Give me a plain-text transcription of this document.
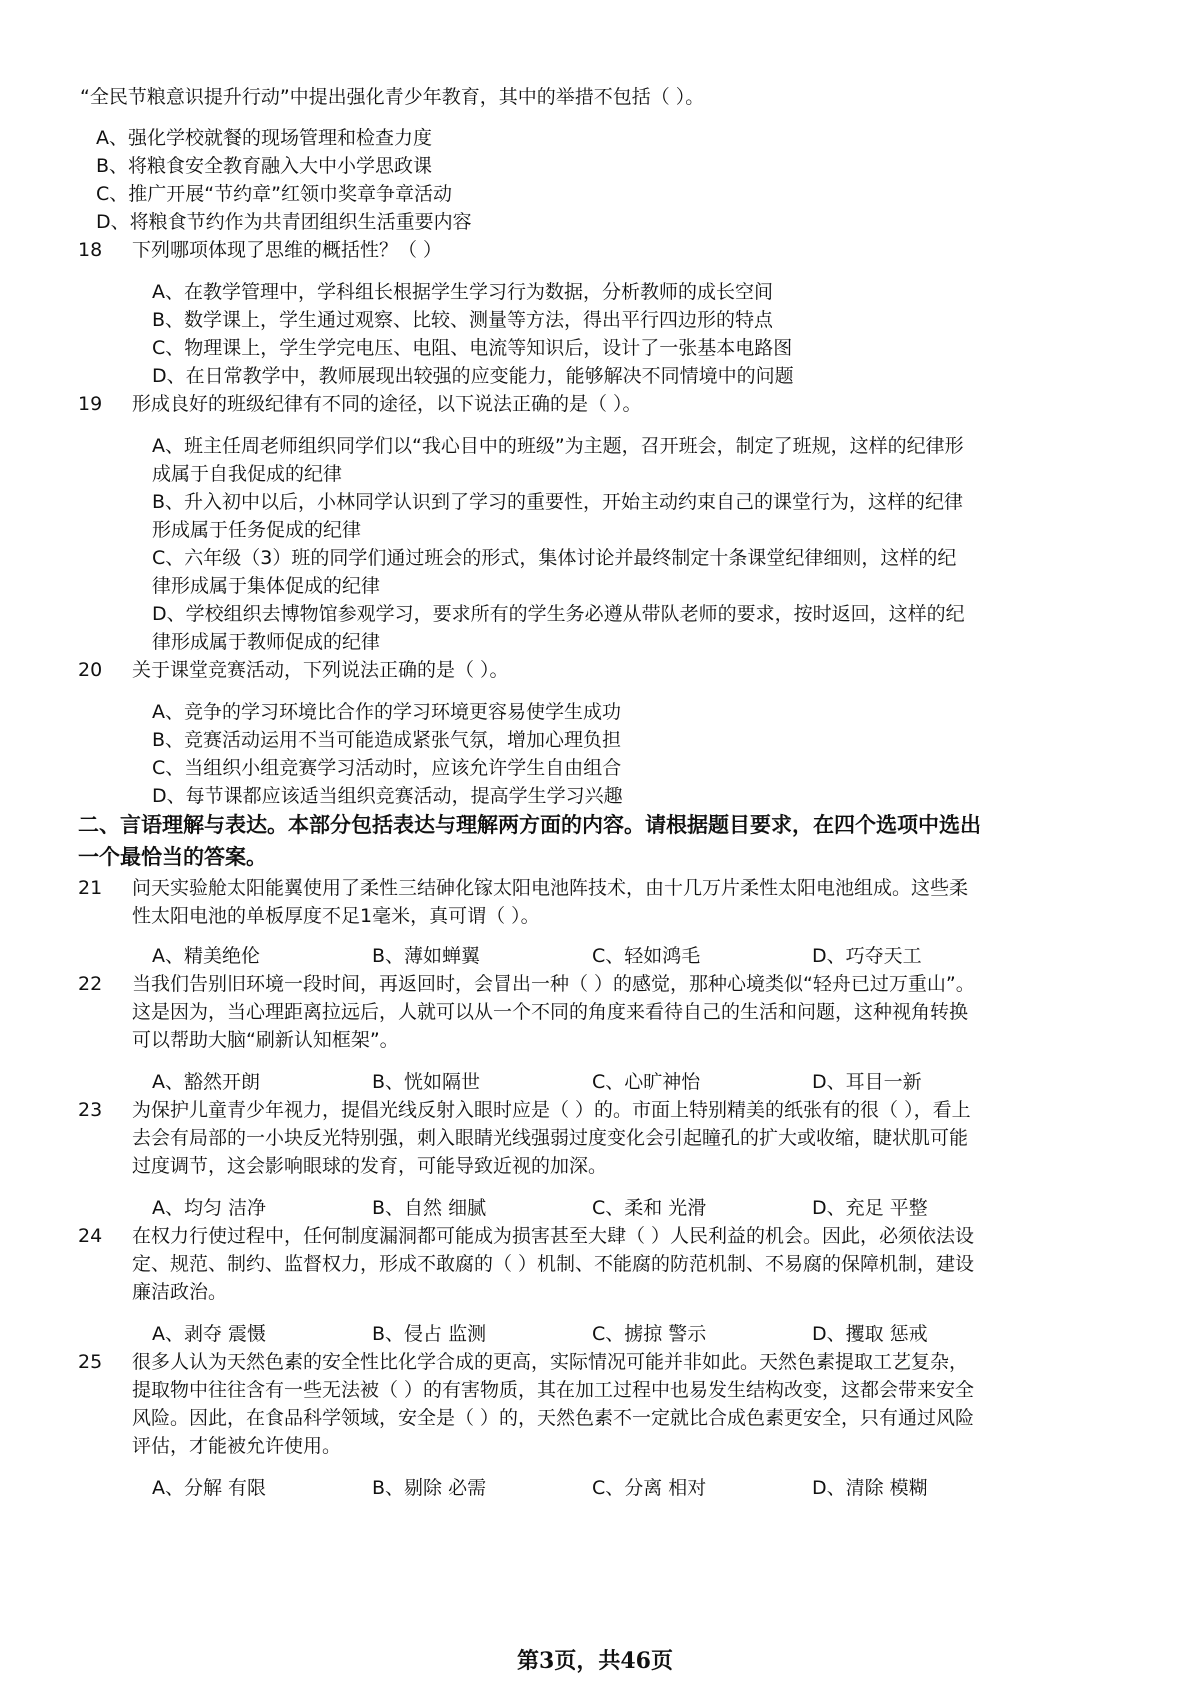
“全民节粮意识提升行动”中提出强化青少年教育，其中的举措不包括（ ）。
A、强化学校就餐的现场管理和检查力度
B、将粮食安全教育融入大中小学思政课
C、推广开展“节约章”红领巾奖章争章活动
D、将粮食节约作为共青团组织生活重要内容
18 下列哪项体现了思维的概括性？（ ）
A、在教学管理中，学科组长根据学生学习行为数据，分析教师的成长空间
B、数学课上，学生通过观察、比较、测量等方法，得出平行四边形的特点
C、物理课上，学生学完电压、电阻、电流等知识后，设计了一张基本电路图
D、在日常教学中，教师展现出较强的应变能力，能够解决不同情境中的问题
19 形成良好的班级纪律有不同的途径，以下说法正确的是（ ）。
A、班主任周老师组织同学们以“我心目中的班级”为主题，召开班会，制定了班规，这样的纪律形
成属于自我促成的纪律
B、升入初中以后，小林同学认识到了学习的重要性，开始主动约束自己的课堂行为，这样的纪律
形成属于任务促成的纪律
C、六年级（3）班的同学们通过班会的形式，集体讨论并最终制定十条课堂纪律细则，这样的纪
律形成属于集体促成的纪律
D、学校组织去博物馆参观学习，要求所有的学生务必遵从带队老师的要求，按时返回，这样的纪
律形成属于教师促成的纪律
20 关于课堂竞赛活动，下列说法正确的是（ ）。
A、竞争的学习环境比合作的学习环境更容易使学生成功
B、竞赛活动运用不当可能造成紧张气氛，增加心理负担
C、当组织小组竞赛学习活动时，应该允许学生自由组合
D、每节课都应该适当组织竞赛活动，提高学生学习兴趣
二、言语理解与表达。本部分包括表达与理解两方面的内容。请根据题目要求，在四个选项中选出
一个最恰当的答案。
21 问天实验舱太阳能翼使用了柔性三结砷化镓太阳电池阵技术，由十几万片柔性太阳电池组成。这些柔
性太阳电池的单板厚度不足1毫米，真可谓（ ）。
A、精美绝伦	B、薄如蝉翼	C、轻如鸿毛	D、巧夺天工
22 当我们告别旧环境一段时间，再返回时，会冒出一种（ ）的感觉，那种心境类似“轻舟已过万重山”。
这是因为，当心理距离拉远后，人就可以从一个不同的角度来看待自己的生活和问题，这种视角转换
可以帮助大脑“刷新认知框架”。
A、豁然开朗	B、恍如隔世	C、心旷神怡	D、耳目一新
23 为保护儿童青少年视力，提倡光线反射入眼时应是（ ）的。市面上特别精美的纸张有的很（ ），看上
去会有局部的一小块反光特别强，刺入眼睛光线强弱过度变化会引起瞳孔的扩大或收缩，睫状肌可能
过度调节，这会影响眼球的发育，可能导致近视的加深。
A、均匀 洁净	B、自然 细腻	C、柔和 光滑	D、充足 平整
24 在权力行使过程中，任何制度漏洞都可能成为损害甚至大肆（ ）人民利益的机会。因此，必须依法设
定、规范、制约、监督权力，形成不敢腐的（ ）机制、不能腐的防范机制、不易腐的保障机制，建设
廉洁政治。
A、剥夺 震慑	B、侵占 监测	C、掳掠 警示	D、攫取 惩戒
25 很多人认为天然色素的安全性比化学合成的更高，实际情况可能并非如此。天然色素提取工艺复杂，
提取物中往往含有一些无法被（ ）的有害物质，其在加工过程中也易发生结构改变，这都会带来安全
风险。因此，在食品科学领域，安全是（ ）的，天然色素不一定就比合成色素更安全，只有通过风险
评估，才能被允许使用。
A、分解 有限	B、剔除 必需	C、分离 相对	D、清除 模糊
第3页，共46页
